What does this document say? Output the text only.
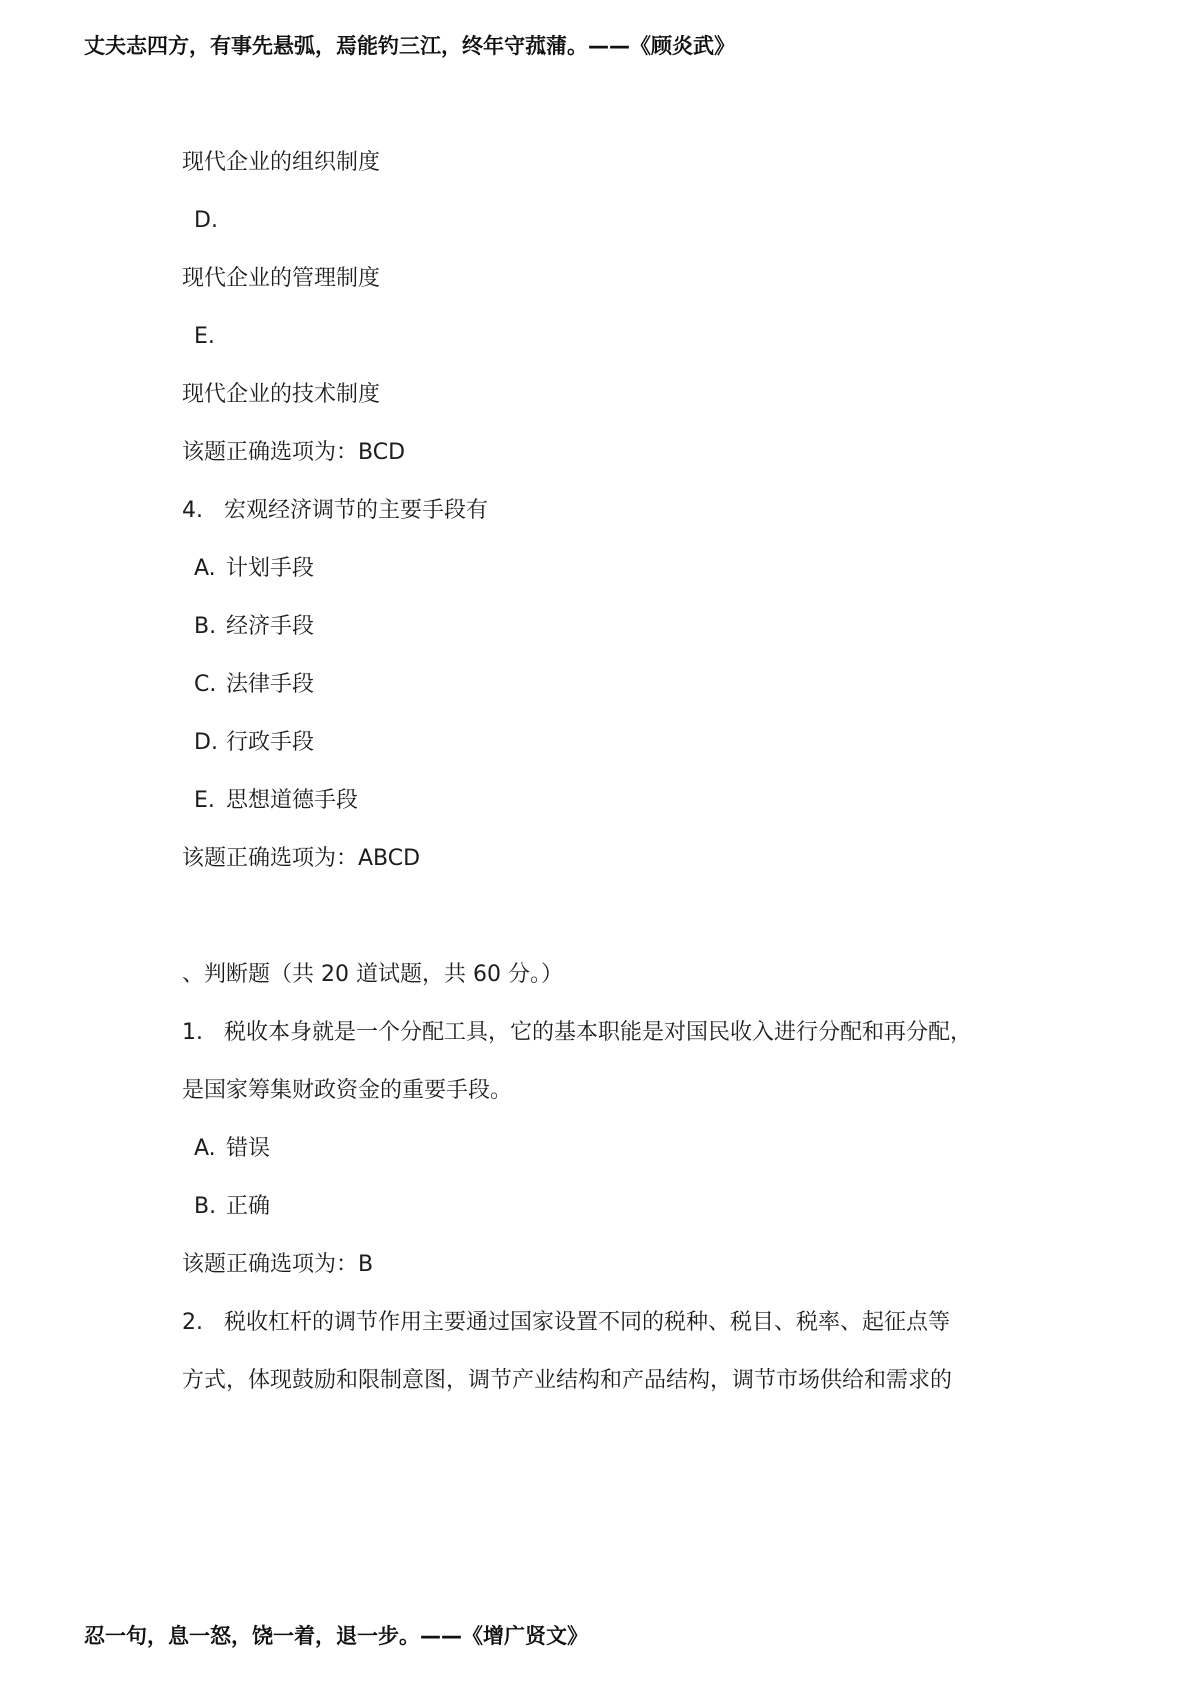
丈夫志四方，有事先悬弧，焉能钓三江，终年守菰蒲。——《顾炎武》
现代企业的组织制度
D.
现代企业的管理制度
E.
现代企业的技术制度
该题正确选项为：BCD
4. 宏观经济调节的主要手段有
A. 计划手段
B. 经济手段
C. 法律手段
D. 行政手段
E. 思想道德手段
该题正确选项为：ABCD
、判断题（共 20 道试题，共 60 分。）
1. 税收本身就是一个分配工具，它的基本职能是对国民收入进行分配和再分配，
是国家筹集财政资金的重要手段。
A. 错误
B. 正确
该题正确选项为：B
2. 税收杠杆的调节作用主要通过国家设置不同的税种、税目、税率、起征点等
方式，体现鼓励和限制意图，调节产业结构和产品结构，调节市场供给和需求的
忍一句，息一怒，饶一着，退一步。——《增广贤文》
